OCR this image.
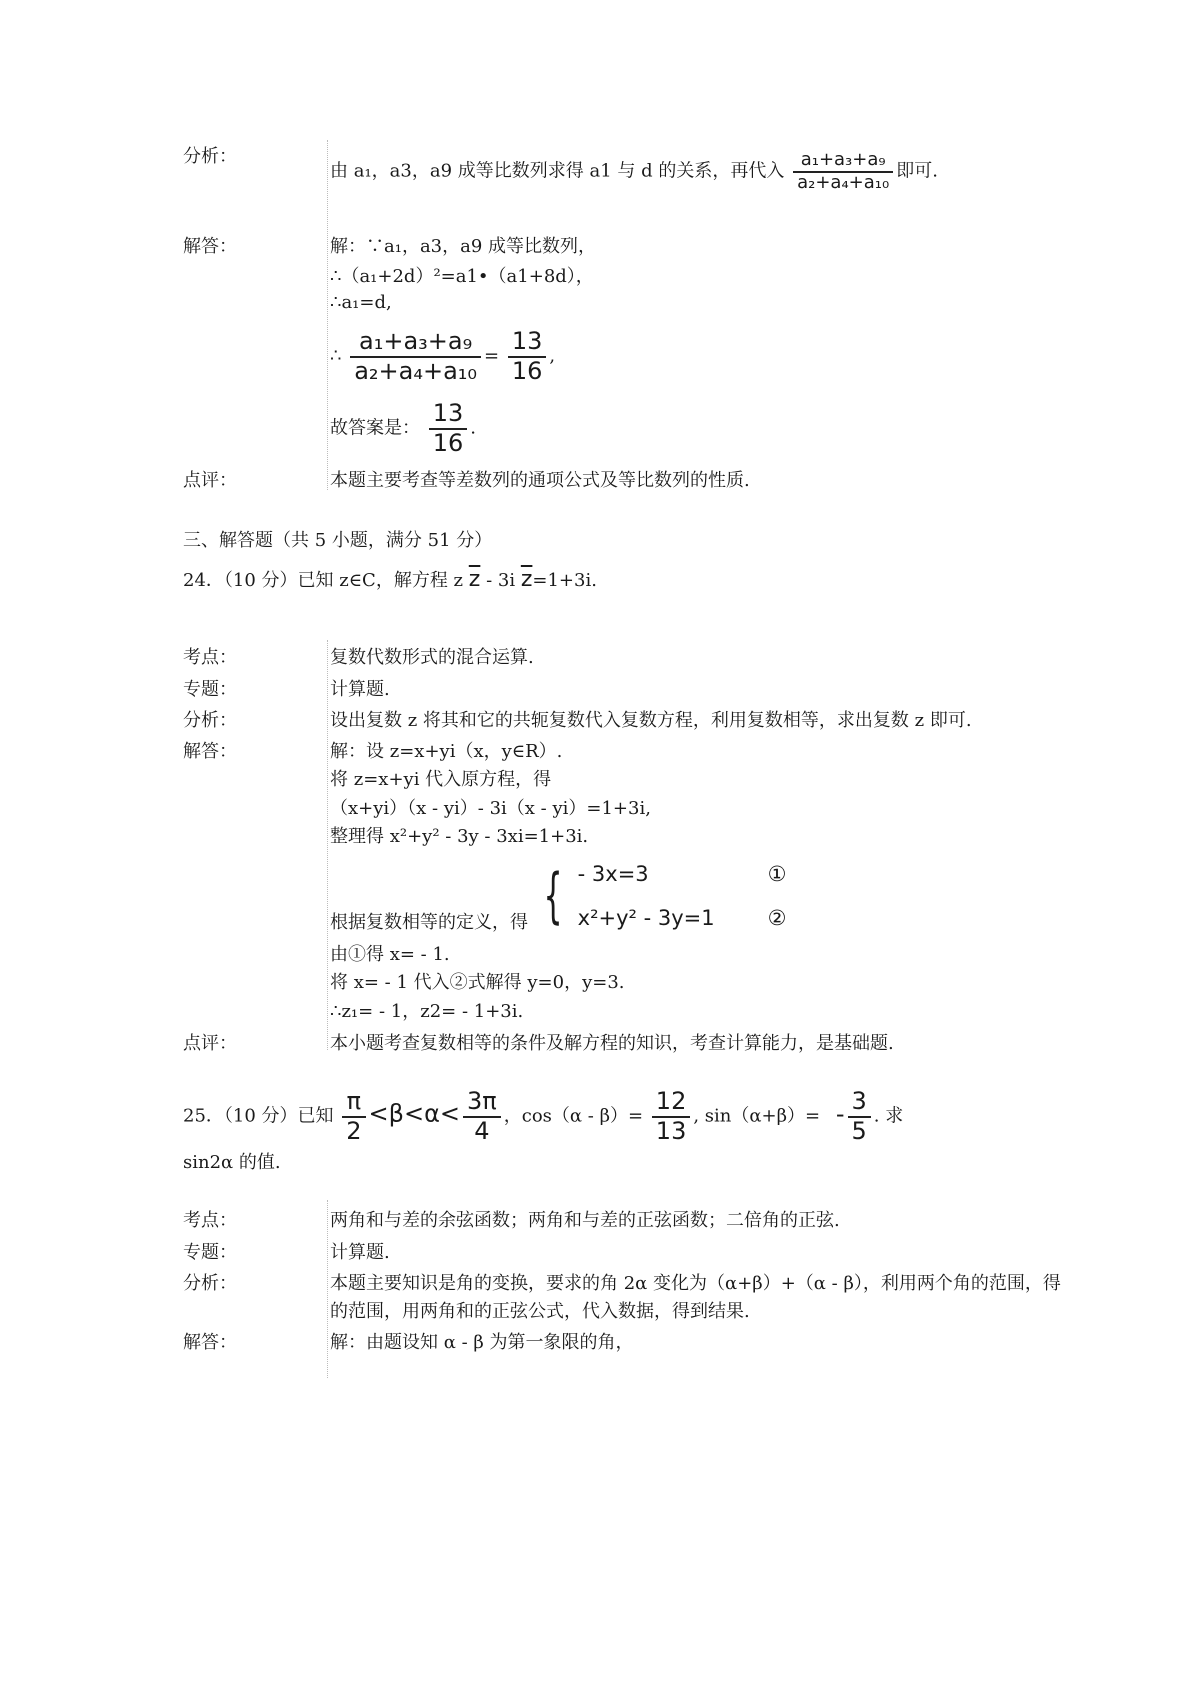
分析：
由 a₁，a3，a9 成等比数列求得 a1 与 d 的关系，再代入 $\frac{\text{a₁+a₃+a₉}}{\text{a₂+a₄+a₁₀}}$ 即可.
解答：	解：∵a₁，a3，a9 成等比数列，
∴（a₁+2d）²=a1•（a1+8d），
∴a₁=d,
∴ $\frac{\text{a₁+a₃+a₉}}{\text{a₂+a₄+a₁₀}} = \frac{13}{16}$ ,
故答案是： $\frac{13}{16}$ .
点评：	本题主要考查等差数列的通项公式及等比数列的性质.
三、解答题（共 5 小题，满分 51 分）
24．（10 分）已知 z∈C，解方程 z $\overline{z} - 3i$ $\overline{z}=1+3i$.
考点：	复数代数形式的混合运算.
专题：	计算题.
分析：	设出复数 z 将其和它的共轭复数代入复数方程，利用复数相等，求出复数 z 即可.
解答：	解：设 z=x+yi（x，y∈R）.
将 z=x+yi 代入原方程，得
（x+yi）（x - yi）- 3i（x - yi）=1+3i,
整理得 x²+y² - 3y - 3xi=1+3i.
根据复数相等的定义，得 { - 3x=3	①
x²+y² - 3y=1	②
由①得 x= - 1.
将 x= - 1 代入②式解得 y=0，y=3.
∴z₁= - 1，z2= - 1+3i.
点评：	本小题考查复数相等的条件及解方程的知识，考查计算能力，是基础题.
25．（10 分）已知 $\frac{\pi}{2} <\beta<\alpha< \frac{3\pi}{4}$ ，$\cos(\alpha - \beta)= \frac{12}{13}$ , $\sin(\alpha+\beta)= - \frac{3}{5}$ . 求
sin2α 的值.
考点：	两角和与差的余弦函数；两角和与差的正弦函数；二倍角的正弦.
专题：	计算题.
分析：	本题主要知识是角的变换，要求的角 2α 变化为（α+β）+（α - β），利用两个角的范围，得
的范围，用两角和的正弦公式，代入数据，得到结果.
解答：	解：由题设知 α - β 为第一象限的角，
